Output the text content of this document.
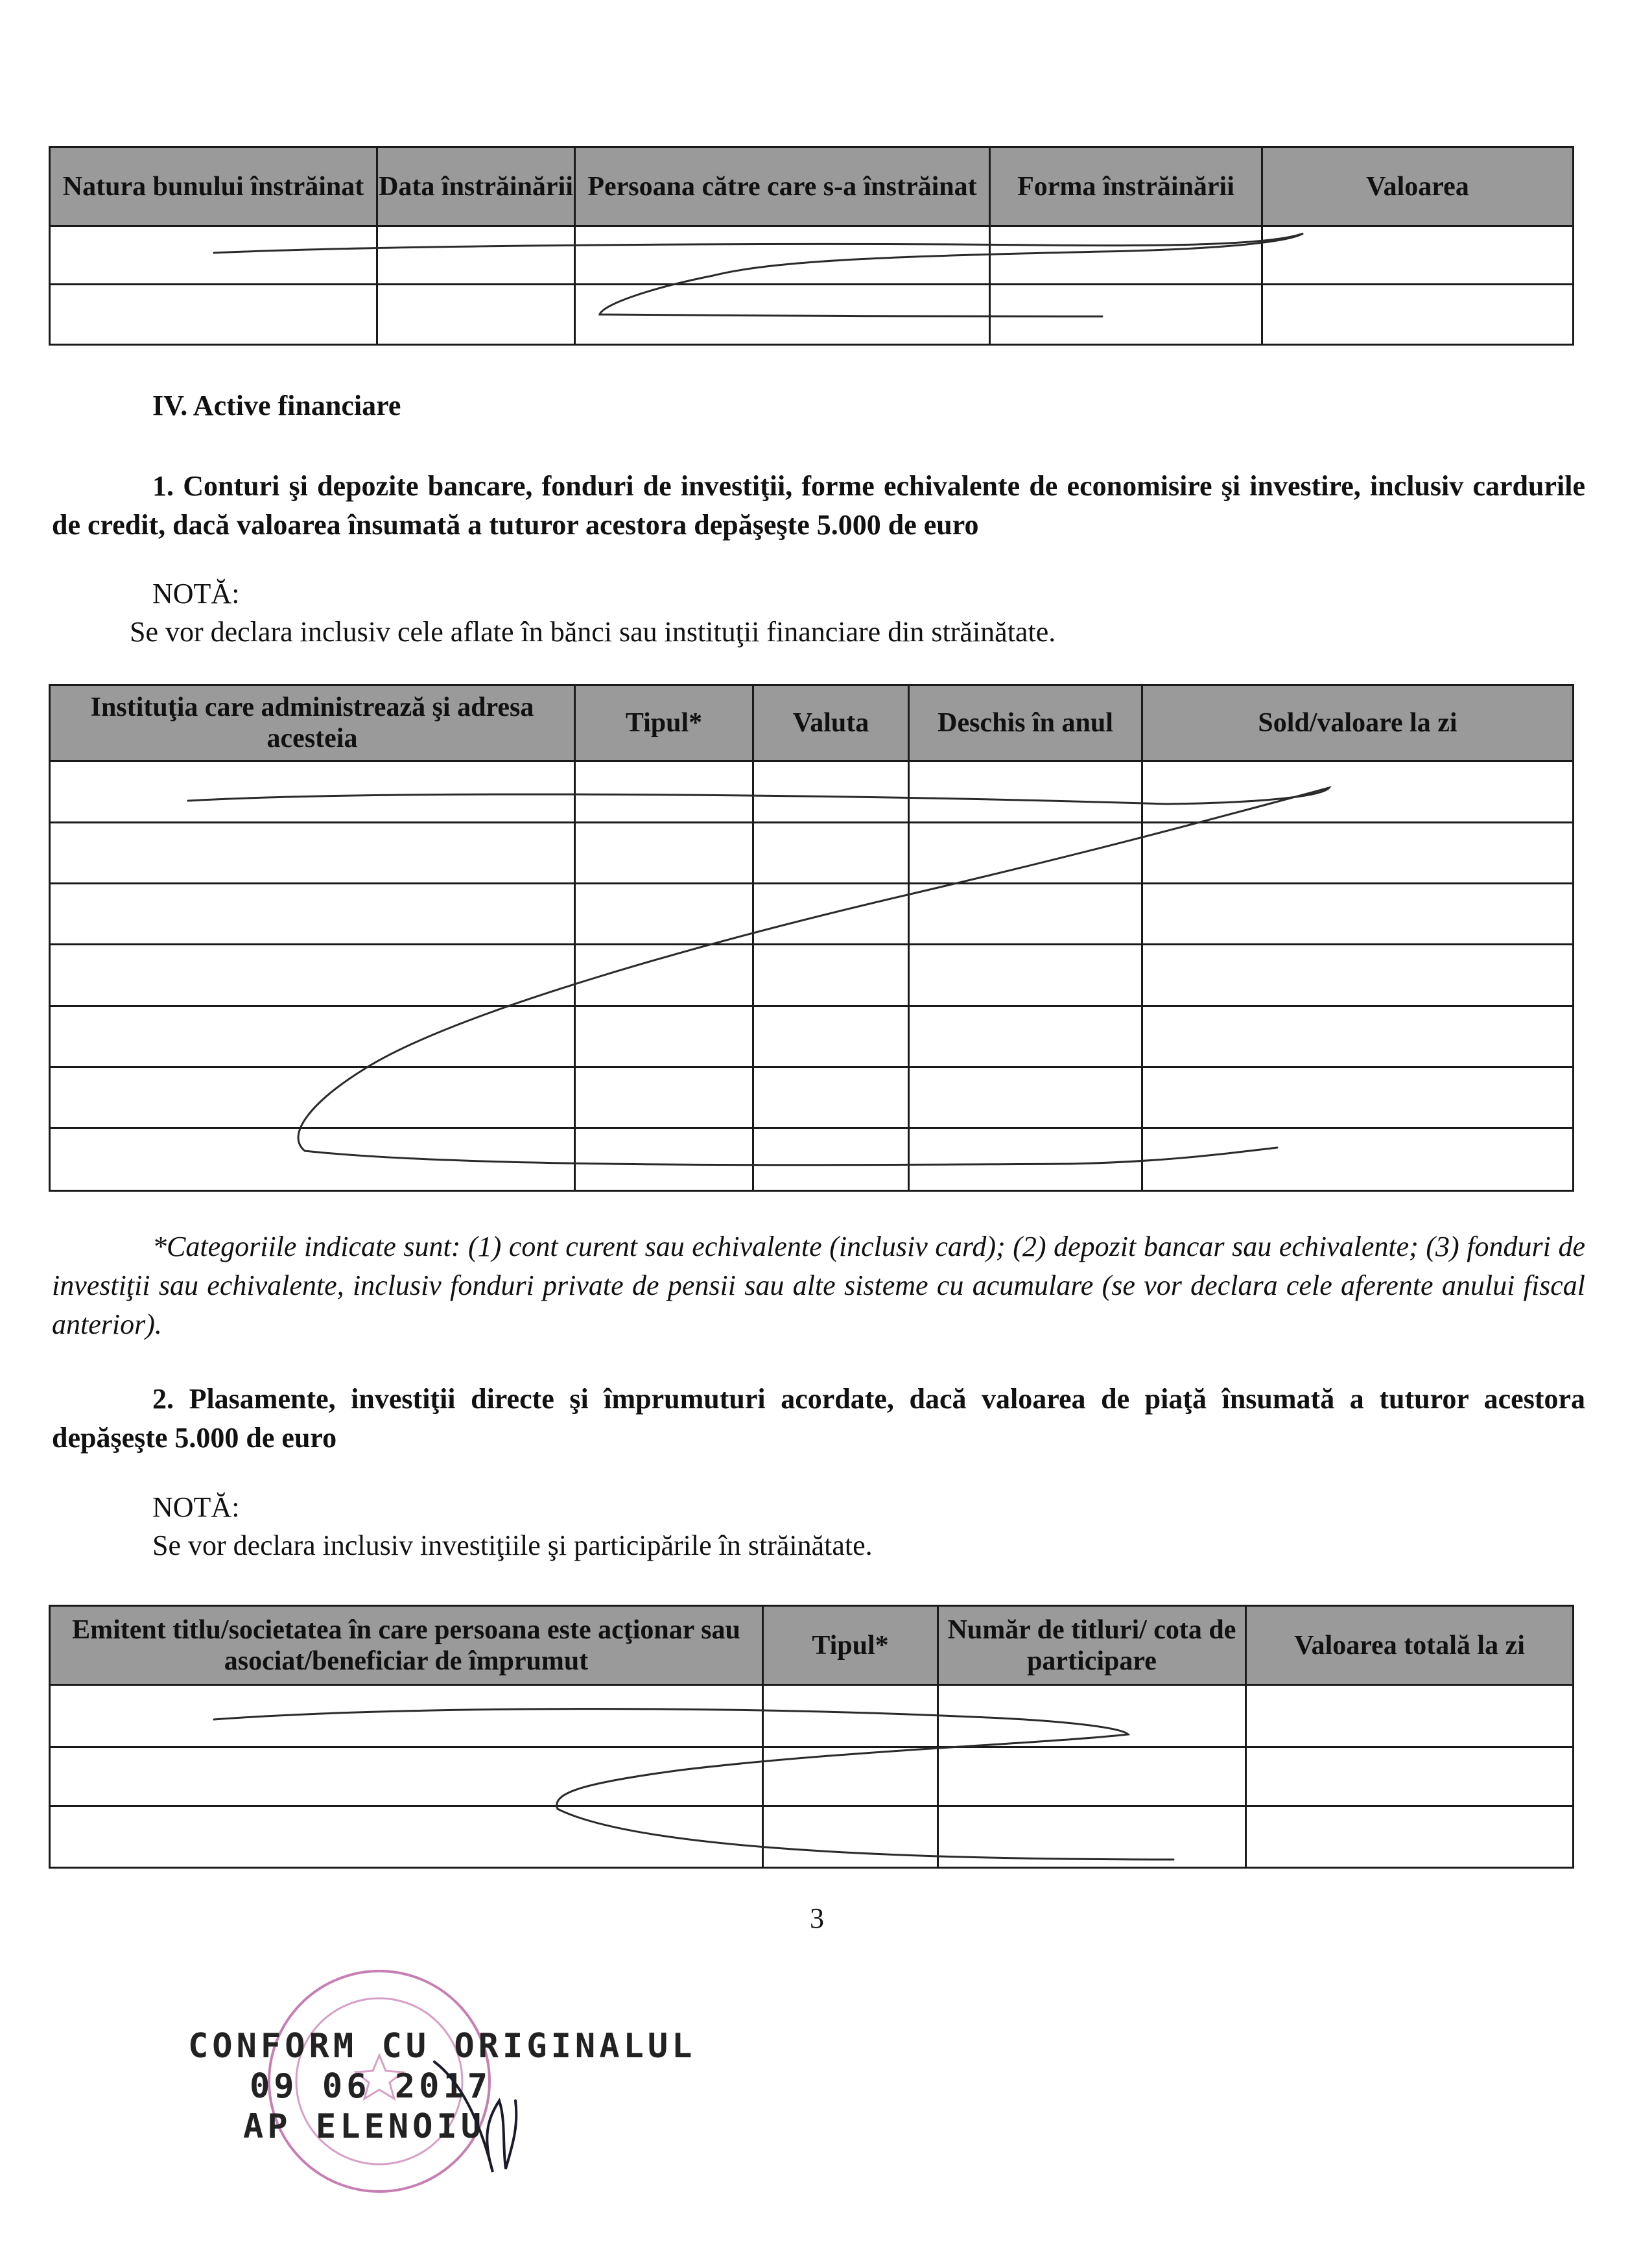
Natura bunului înstrăinat	Data înstrăinării	Persoana către care s-a înstrăinat	Forma înstrăinării	Valoarea

IV. Active financiare
1. Conturi şi depozite bancare, fonduri de investiţii, forme echivalente de economisire şi investire, inclusiv cardurile de credit, dacă valoarea însumată a tuturor acestora depăşeşte 5.000 de euro
NOTĂ:
Se vor declara inclusiv cele aflate în bănci sau instituţii financiare din străinătate.
Instituţia care administrează şi adresa acesteia	Tipul*	Valuta	Deschis în anul	Sold/valoare la zi

*Categoriile indicate sunt: (1) cont curent sau echivalente (inclusiv card); (2) depozit bancar sau echivalente; (3) fonduri de investiţii sau echivalente, inclusiv fonduri private de pensii sau alte sisteme cu acumulare (se vor declara cele aferente anului fiscal anterior).
2. Plasamente, investiţii directe şi împrumuturi acordate, dacă valoarea de piaţă însumată a tuturor acestora depăşeşte 5.000 de euro
NOTĂ:
Se vor declara inclusiv investiţiile şi participările în străinătate.
Emitent titlu/societatea în care persoana este acţionar sau asociat/beneficiar de împrumut	Tipul*	Număr de titluri/ cota de participare	Valoarea totală la zi

3
CONFORM CU ORIGINALUL
09 06 2017
AP ELENOIU
